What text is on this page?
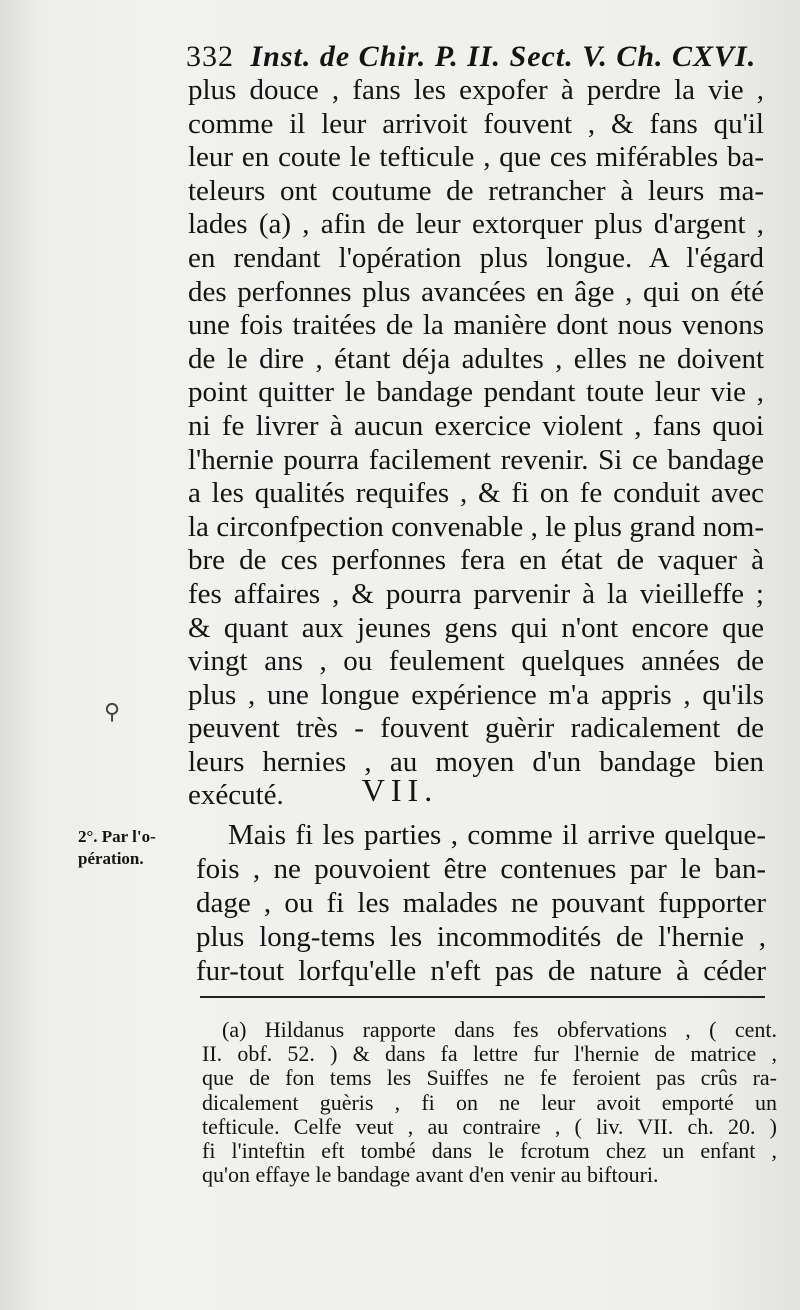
332 Inst. de Chir. P. II. Sect. V. Ch. CXVI.
plus douce , fans les expofer à perdre la vie ,
comme il leur arrivoit fouvent , & fans qu'il
leur en coute le tefticule , que ces miférables ba-
teleurs ont coutume de retrancher à leurs ma-
lades (a) , afin de leur extorquer plus d'argent ,
en rendant l'opération plus longue. A l'égard
des perfonnes plus avancées en âge , qui on été
une fois traitées de la manière dont nous venons
de le dire , étant déja adultes , elles ne doivent
point quitter le bandage pendant toute leur vie ,
ni fe livrer à aucun exercice violent , fans quoi
l'hernie pourra facilement revenir. Si ce bandage
a les qualités requifes , & fi on fe conduit avec
la circonfpection convenable , le plus grand nom-
bre de ces perfonnes fera en état de vaquer à
fes affaires , & pourra parvenir à la vieilleffe ;
& quant aux jeunes gens qui n'ont encore que
vingt ans , ou feulement quelques années de
plus , une longue expérience m'a appris , qu'ils
peuvent très - fouvent guèrir radicalement de
leurs hernies , au moyen d'un bandage bien
exécuté.
⚲
VII.
2°. Par l'o-pération.
Mais fi les parties , comme il arrive quelque-
fois , ne pouvoient être contenues par le ban-
dage , ou fi les malades ne pouvant fupporter
plus long-tems les incommodités de l'hernie ,
fur-tout lorfqu'elle n'eft pas de nature à céder
(a) Hildanus rapporte dans fes obfervations , ( cent.
II. obf. 52. ) & dans fa lettre fur l'hernie de matrice ,
que de fon tems les Suiffes ne fe feroient pas crûs ra-
dicalement guèris , fi on ne leur avoit emporté un
tefticule. Celfe veut , au contraire , ( liv. VII. ch. 20. )
fi l'inteftin eft tombé dans le fcrotum chez un enfant ,
qu'on effaye le bandage avant d'en venir au biftouri.
